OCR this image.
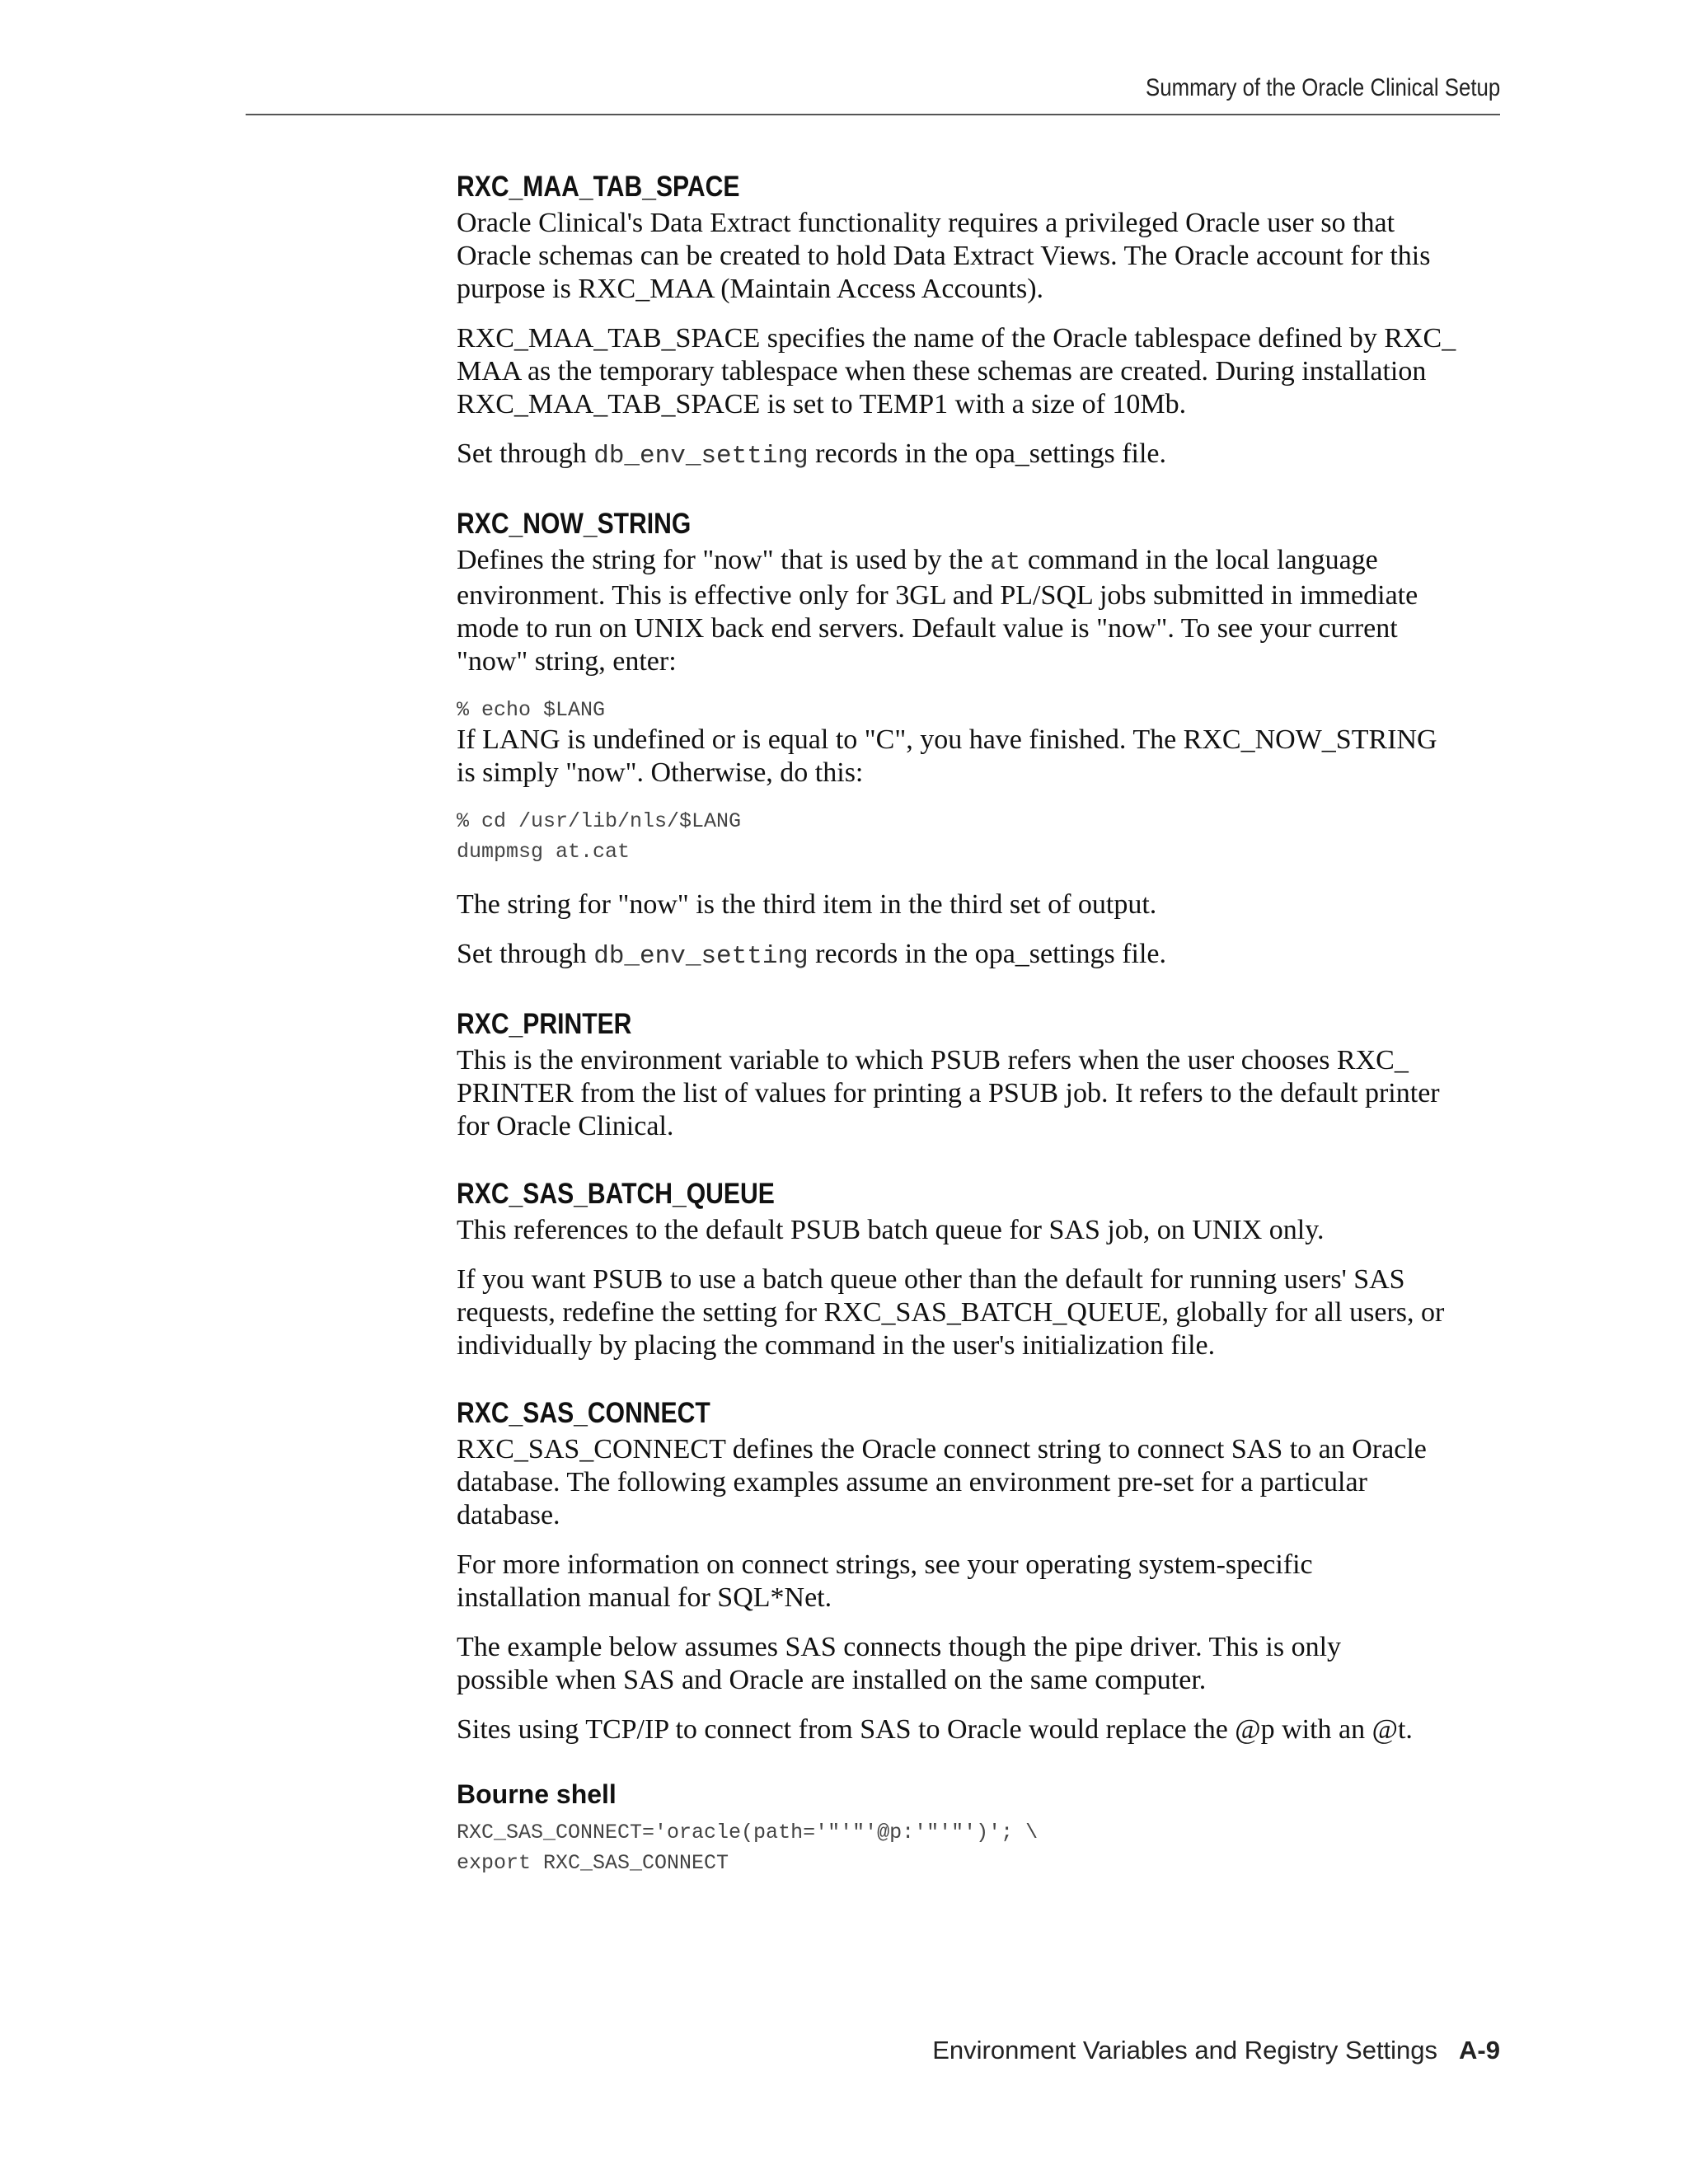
Summary of the Oracle Clinical Setup
RXC_MAA_TAB_SPACE
Oracle Clinical's Data Extract functionality requires a privileged Oracle user so that
Oracle schemas can be created to hold Data Extract Views. The Oracle account for this
purpose is RXC_MAA (Maintain Access Accounts).
RXC_MAA_TAB_SPACE specifies the name of the Oracle tablespace defined by RXC_
MAA as the temporary tablespace when these schemas are created. During installation
RXC_MAA_TAB_SPACE is set to TEMP1 with a size of 10Mb.
Set through db_env_setting records in the opa_settings file.
RXC_NOW_STRING
Defines the string for "now" that is used by the at command in the local language
environment. This is effective only for 3GL and PL/SQL jobs submitted in immediate
mode to run on UNIX back end servers. Default value is "now". To see your current
"now" string, enter:
% echo $LANG
If LANG is undefined or is equal to "C", you have finished. The RXC_NOW_STRING
is simply "now". Otherwise, do this:
% cd /usr/lib/nls/$LANG
dumpmsg at.cat
The string for "now" is the third item in the third set of output.
Set through db_env_setting records in the opa_settings file.
RXC_PRINTER
This is the environment variable to which PSUB refers when the user chooses RXC_
PRINTER from the list of values for printing a PSUB job. It refers to the default printer
for Oracle Clinical.
RXC_SAS_BATCH_QUEUE
This references to the default PSUB batch queue for SAS job, on UNIX only.
If you want PSUB to use a batch queue other than the default for running users' SAS
requests, redefine the setting for RXC_SAS_BATCH_QUEUE, globally for all users, or
individually by placing the command in the user's initialization file.
RXC_SAS_CONNECT
RXC_SAS_CONNECT defines the Oracle connect string to connect SAS to an Oracle
database. The following examples assume an environment pre-set for a particular
database.
For more information on connect strings, see your operating system-specific
installation manual for SQL*Net.
The example below assumes SAS connects though the pipe driver. This is only
possible when SAS and Oracle are installed on the same computer.
Sites using TCP/IP to connect from SAS to Oracle would replace the @p with an @t.
Bourne shell
RXC_SAS_CONNECT='oracle(path='"'"'@p:'"'"')'; \
export RXC_SAS_CONNECT
Environment Variables and Registry Settings A-9
